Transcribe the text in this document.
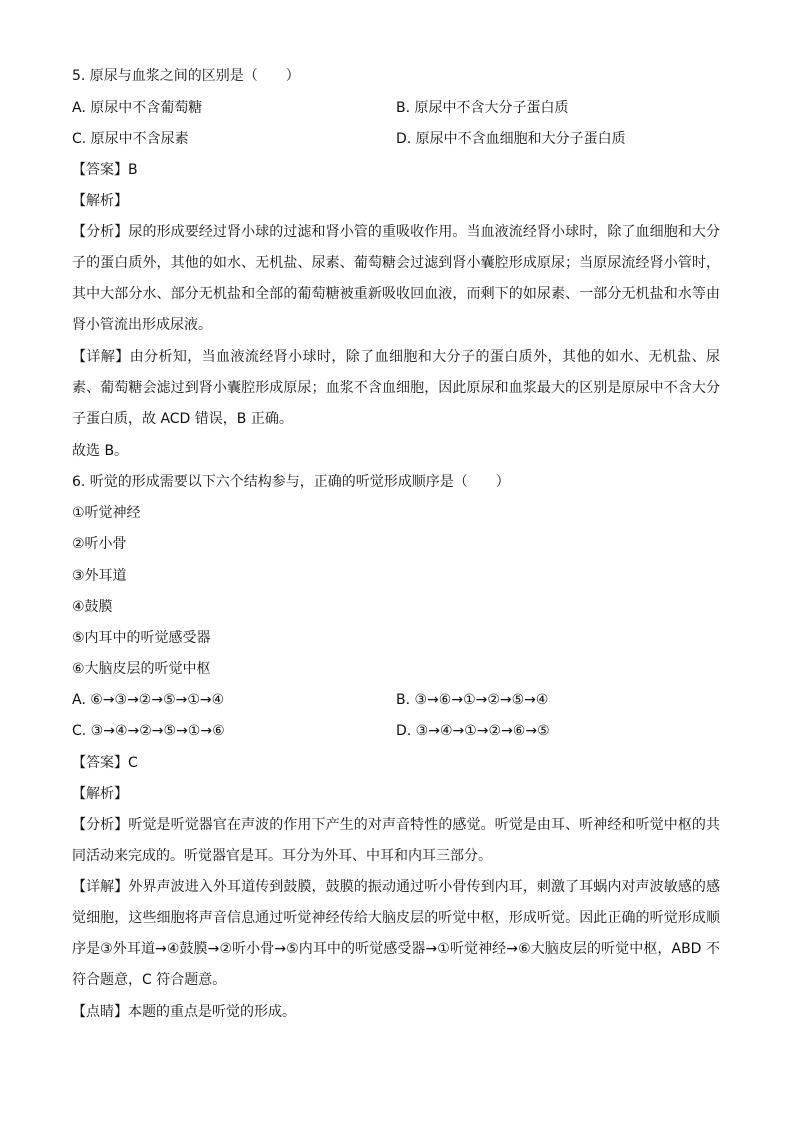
5. 原尿与血浆之间的区别是（　　）
A. 原尿中不含葡萄糖	B. 原尿中不含大分子蛋白质
C. 原尿中不含尿素	D. 原尿中不含血细胞和大分子蛋白质
【答案】B
【解析】
【分析】尿的形成要经过肾小球的过滤和肾小管的重吸收作用。当血液流经肾小球时，除了血细胞和大分子的蛋白质外，其他的如水、无机盐、尿素、葡萄糖会过滤到肾小囊腔形成原尿；当原尿流经肾小管时，其中大部分水、部分无机盐和全部的葡萄糖被重新吸收回血液，而剩下的如尿素、一部分无机盐和水等由肾小管流出形成尿液。
【详解】由分析知，当血液流经肾小球时，除了血细胞和大分子的蛋白质外，其他的如水、无机盐、尿素、葡萄糖会滤过到肾小囊腔形成原尿；血浆不含血细胞，因此原尿和血浆最大的区别是原尿中不含大分子蛋白质，故 ACD 错误，B 正确。
故选 B。
6. 听觉的形成需要以下六个结构参与，正确的听觉形成顺序是（　　）
①听觉神经
②听小骨
③外耳道
④鼓膜
⑤内耳中的听觉感受器
⑥大脑皮层的听觉中枢
A. ⑥→③→②→⑤→①→④	B. ③→⑥→①→②→⑤→④
C. ③→④→②→⑤→①→⑥	D. ③→④→①→②→⑥→⑤
【答案】C
【解析】
【分析】听觉是听觉器官在声波的作用下产生的对声音特性的感觉。听觉是由耳、听神经和听觉中枢的共同活动来完成的。听觉器官是耳。耳分为外耳、中耳和内耳三部分。
【详解】外界声波进入外耳道传到鼓膜，鼓膜的振动通过听小骨传到内耳，刺激了耳蜗内对声波敏感的感觉细胞，这些细胞将声音信息通过听觉神经传给大脑皮层的听觉中枢，形成听觉。因此正确的听觉形成顺序是③外耳道→④鼓膜→②听小骨→⑤内耳中的听觉感受器→①听觉神经→⑥大脑皮层的听觉中枢，ABD 不符合题意，C 符合题意。
【点睛】本题的重点是听觉的形成。
